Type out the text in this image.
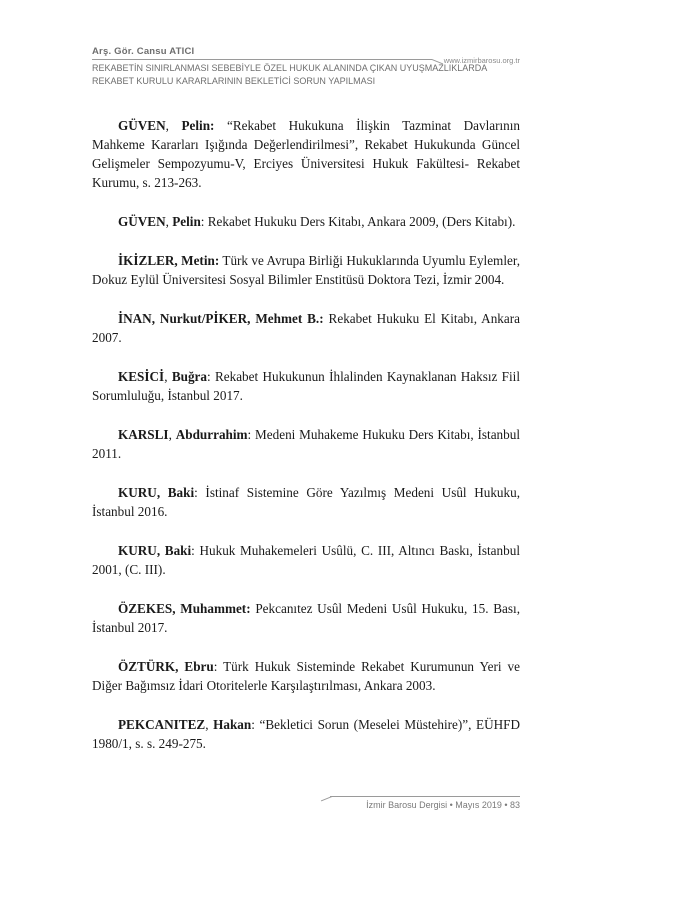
Arş. Gör. Cansu ATICI
www.izmirbarosu.org.tr
REKABETİN SINIRLANMASI SEBEBİYLE ÖZEL HUKUK ALANINDA ÇIKAN UYUŞMAZLIKLARDA REKABET KURULU KARARLARININ BEKLETİCİ SORUN YAPILMASI

GÜVEN, Pelin: “Rekabet Hukukuna İlişkin Tazminat Davlarının Mahkeme Kararları Işığında Değerlendirilmesi”, Rekabet Hukukunda Güncel Gelişmeler Sempozyumu-V, Erciyes Üniversitesi Hukuk Fakültesi- Rekabet Kurumu, s. 213-263.

GÜVEN, Pelin: Rekabet Hukuku Ders Kitabı, Ankara 2009, (Ders Kitabı).

İKİZLER, Metin: Türk ve Avrupa Birliği Hukuklarında Uyumlu Eylemler, Dokuz Eylül Üniversitesi Sosyal Bilimler Enstitüsü Doktora Tezi, İzmir 2004.

İNAN, Nurkut/PİKER, Mehmet B.: Rekabet Hukuku El Kitabı, Ankara 2007.

KESİCİ, Buğra: Rekabet Hukukunun İhlalinden Kaynaklanan Haksız Fiil Sorumluluğu, İstanbul 2017.

KARSLI, Abdurrahim: Medeni Muhakeme Hukuku Ders Kitabı, İstanbul 2011.

KURU, Baki: İstinaf Sistemine Göre Yazılmış Medeni Usûl Hukuku, İstanbul 2016.

KURU, Baki: Hukuk Muhakemeleri Usûlü, C. III, Altıncı Baskı, İstanbul 2001, (C. III).

ÖZEKES, Muhammet: Pekcanıtez Usûl Medeni Usûl Hukuku, 15. Bası, İstanbul 2017.

ÖZTÜRK, Ebru: Türk Hukuk Sisteminde Rekabet Kurumunun Yeri ve Diğer Bağımsız İdari Otoritelerle Karşılaştırılması, Ankara 2003.

PEKCANITEZ, Hakan: “Bekletici Sorun (Meselei Müstehire)”, EÜHFD 1980/1, s. s. 249-275.

İzmir Barosu Dergisi • Mayıs 2019 • 83
